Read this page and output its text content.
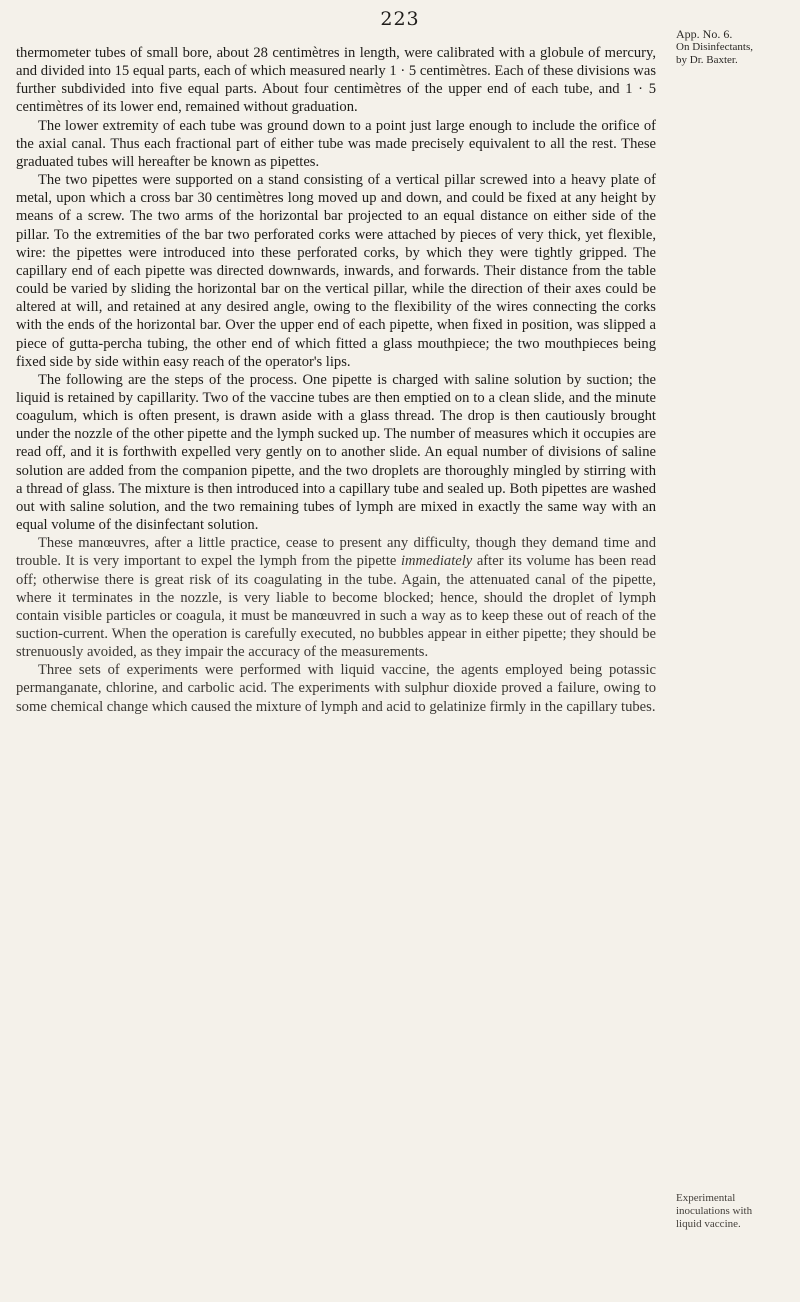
223
App. No. 6.
On Disinfectants,
by Dr. Baxter.

thermometer tubes of small bore, about 28 centimètres in length, were calibrated with a globule of mercury, and divided into 15 equal parts, each of which measured nearly 1 · 5 centimètres. Each of these divisions was further subdivided into five equal parts. About four centimètres of the upper end of each tube, and 1 · 5 centimètres of its lower end, remained without graduation.

The lower extremity of each tube was ground down to a point just large enough to include the orifice of the axial canal. Thus each fractional part of either tube was made precisely equivalent to all the rest. These graduated tubes will hereafter be known as pipettes.

The two pipettes were supported on a stand consisting of a vertical pillar screwed into a heavy plate of metal, upon which a cross bar 30 centimètres long moved up and down, and could be fixed at any height by means of a screw. The two arms of the horizontal bar projected to an equal distance on either side of the pillar. To the extremities of the bar two perforated corks were attached by pieces of very thick, yet flexible, wire: the pipettes were introduced into these perforated corks, by which they were tightly gripped. The capillary end of each pipette was directed downwards, inwards, and forwards. Their distance from the table could be varied by sliding the horizontal bar on the vertical pillar, while the direction of their axes could be altered at will, and retained at any desired angle, owing to the flexibility of the wires connecting the corks with the ends of the horizontal bar. Over the upper end of each pipette, when fixed in position, was slipped a piece of gutta-percha tubing, the other end of which fitted a glass mouthpiece; the two mouthpieces being fixed side by side within easy reach of the operator's lips.

The following are the steps of the process. One pipette is charged with saline solution by suction; the liquid is retained by capillarity. Two of the vaccine tubes are then emptied on to a clean slide, and the minute coagulum, which is often present, is drawn aside with a glass thread. The drop is then cautiously brought under the nozzle of the other pipette and the lymph sucked up. The number of measures which it occupies are read off, and it is forthwith expelled very gently on to another slide. An equal number of divisions of saline solution are added from the companion pipette, and the two droplets are thoroughly mingled by stirring with a thread of glass. The mixture is then introduced into a capillary tube and sealed up. Both pipettes are washed out with saline solution, and the two remaining tubes of lymph are mixed in exactly the same way with an equal volume of the disinfectant solution.

These manœuvres, after a little practice, cease to present any difficulty, though they demand time and trouble. It is very important to expel the lymph from the pipette immediately after its volume has been read off; otherwise there is great risk of its coagulating in the tube. Again, the attenuated canal of the pipette, where it terminates in the nozzle, is very liable to become blocked; hence, should the droplet of lymph contain visible particles or coagula, it must be manœuvred in such a way as to keep these out of reach of the suction-current. When the operation is carefully executed, no bubbles appear in either pipette; they should be strenuously avoided, as they impair the accuracy of the measurements.

Three sets of experiments were performed with liquid vaccine, the agents employed being potassic permanganate, chlorine, and carbolic acid. The experiments with sulphur dioxide proved a failure, owing to some chemical change which caused the mixture of lymph and acid to gelatinize firmly in the capillary tubes.

Experimental
inoculations with
liquid vaccine.
